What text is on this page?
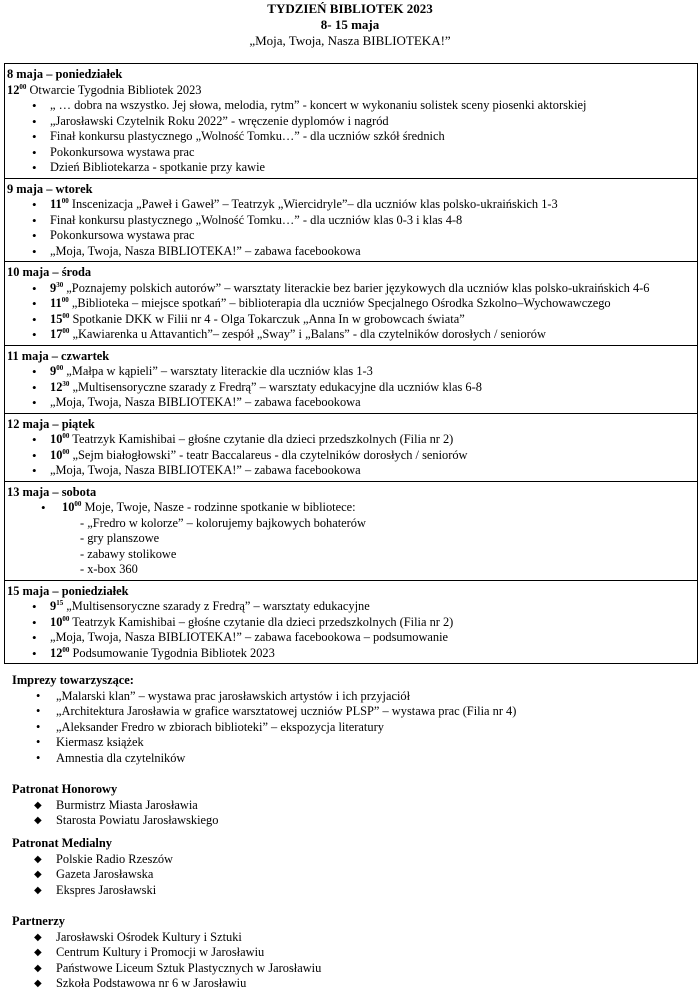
TYDZIEŃ BIBLIOTEK 2023
8- 15 maja
„Moja, Twoja, Nasza BIBLIOTEKA!”
8 maja – poniedziałek
$12^{00}$ Otwarcie Tygodnia Bibliotek 2023
• „ … dobra na wszystko. Jej słowa, melodia, rytm” - koncert w wykonaniu solistek sceny piosenki aktorskiej
• „Jarosławski Czytelnik Roku 2022” - wręczenie dyplomów i nagród
• Finał konkursu plastycznego „Wolność Tomku…” - dla uczniów szkół średnich
• Pokonkursowa wystawa prac
• Dzień Bibliotekarza - spotkanie przy kawie
9 maja – wtorek
• $11^{00}$ Inscenizacja „Paweł i Gaweł” – Teatrzyk „Wiercidryle”– dla uczniów klas polsko-ukraińskich 1-3
• Finał konkursu plastycznego „Wolność Tomku…” - dla uczniów klas 0-3 i klas 4-8
• Pokonkursowa wystawa prac
• „Moja, Twoja, Nasza BIBLIOTEKA!” – zabawa facebookowa
10 maja – środa
• $9^{30}$ „Poznajemy polskich autorów” – warsztaty literackie bez barier językowych dla uczniów klas polsko-ukraińskich 4-6
• $11^{00}$ „Biblioteka – miejsce spotkań” – biblioterapia dla uczniów Specjalnego Ośrodka Szkolno–Wychowawczego
• $15^{00}$ Spotkanie DKK w Filii nr 4 - Olga Tokarczuk „Anna In w grobowcach świata”
• $17^{00}$ „Kawiarenka u Attavantich”– zespół „Sway” i „Balans” - dla czytelników dorosłych / seniorów
11 maja – czwartek
• $9^{00}$ „Małpa w kąpieli” – warsztaty literackie dla uczniów klas 1-3
• $12^{30}$ „Multisensoryczne szarady z Fredrą” – warsztaty edukacyjne dla uczniów klas 6-8
• „Moja, Twoja, Nasza BIBLIOTEKA!” – zabawa facebookowa
12 maja – piątek
• $10^{00}$ Teatrzyk Kamishibai – głośne czytanie dla dzieci przedszkolnych (Filia nr 2)
• $10^{00}$ „Sejm białogłowski” - teatr Baccalareus - dla czytelników dorosłych / seniorów
• „Moja, Twoja, Nasza BIBLIOTEKA!” – zabawa facebookowa
13 maja – sobota
• $10^{00}$ Moje, Twoje, Nasze - rodzinne spotkanie w bibliotece:
- „Fredro w kolorze” – kolorujemy bajkowych bohaterów
- gry planszowe
- zabawy stolikowe
- x-box 360
15 maja – poniedziałek
• $9^{15}$ „Multisensoryczne szarady z Fredrą” – warsztaty edukacyjne
• $10^{00}$ Teatrzyk Kamishibai – głośne czytanie dla dzieci przedszkolnych (Filia nr 2)
• „Moja, Twoja, Nasza BIBLIOTEKA!” – zabawa facebookowa – podsumowanie
• $12^{00}$ Podsumowanie Tygodnia Bibliotek 2023
Imprezy towarzyszące:
• „Malarski klan” – wystawa prac jarosławskich artystów i ich przyjaciół
• „Architektura Jarosławia w grafice warsztatowej uczniów PLSP” – wystawa prac (Filia nr 4)
• „Aleksander Fredro w zbiorach biblioteki” – ekspozycja literatury
• Kiermasz książek
• Amnestia dla czytelników
Patronat Honorowy
◆ Burmistrz Miasta Jarosławia
◆ Starosta Powiatu Jarosławskiego
Patronat Medialny
◆ Polskie Radio Rzeszów
◆ Gazeta Jarosławska
◆ Ekspres Jarosławski
Partnerzy
◆ Jarosławski Ośrodek Kultury i Sztuki
◆ Centrum Kultury i Promocji w Jarosławiu
◆ Państwowe Liceum Sztuk Plastycznych w Jarosławiu
◆ Szkoła Podstawowa nr 6 w Jarosławiu
